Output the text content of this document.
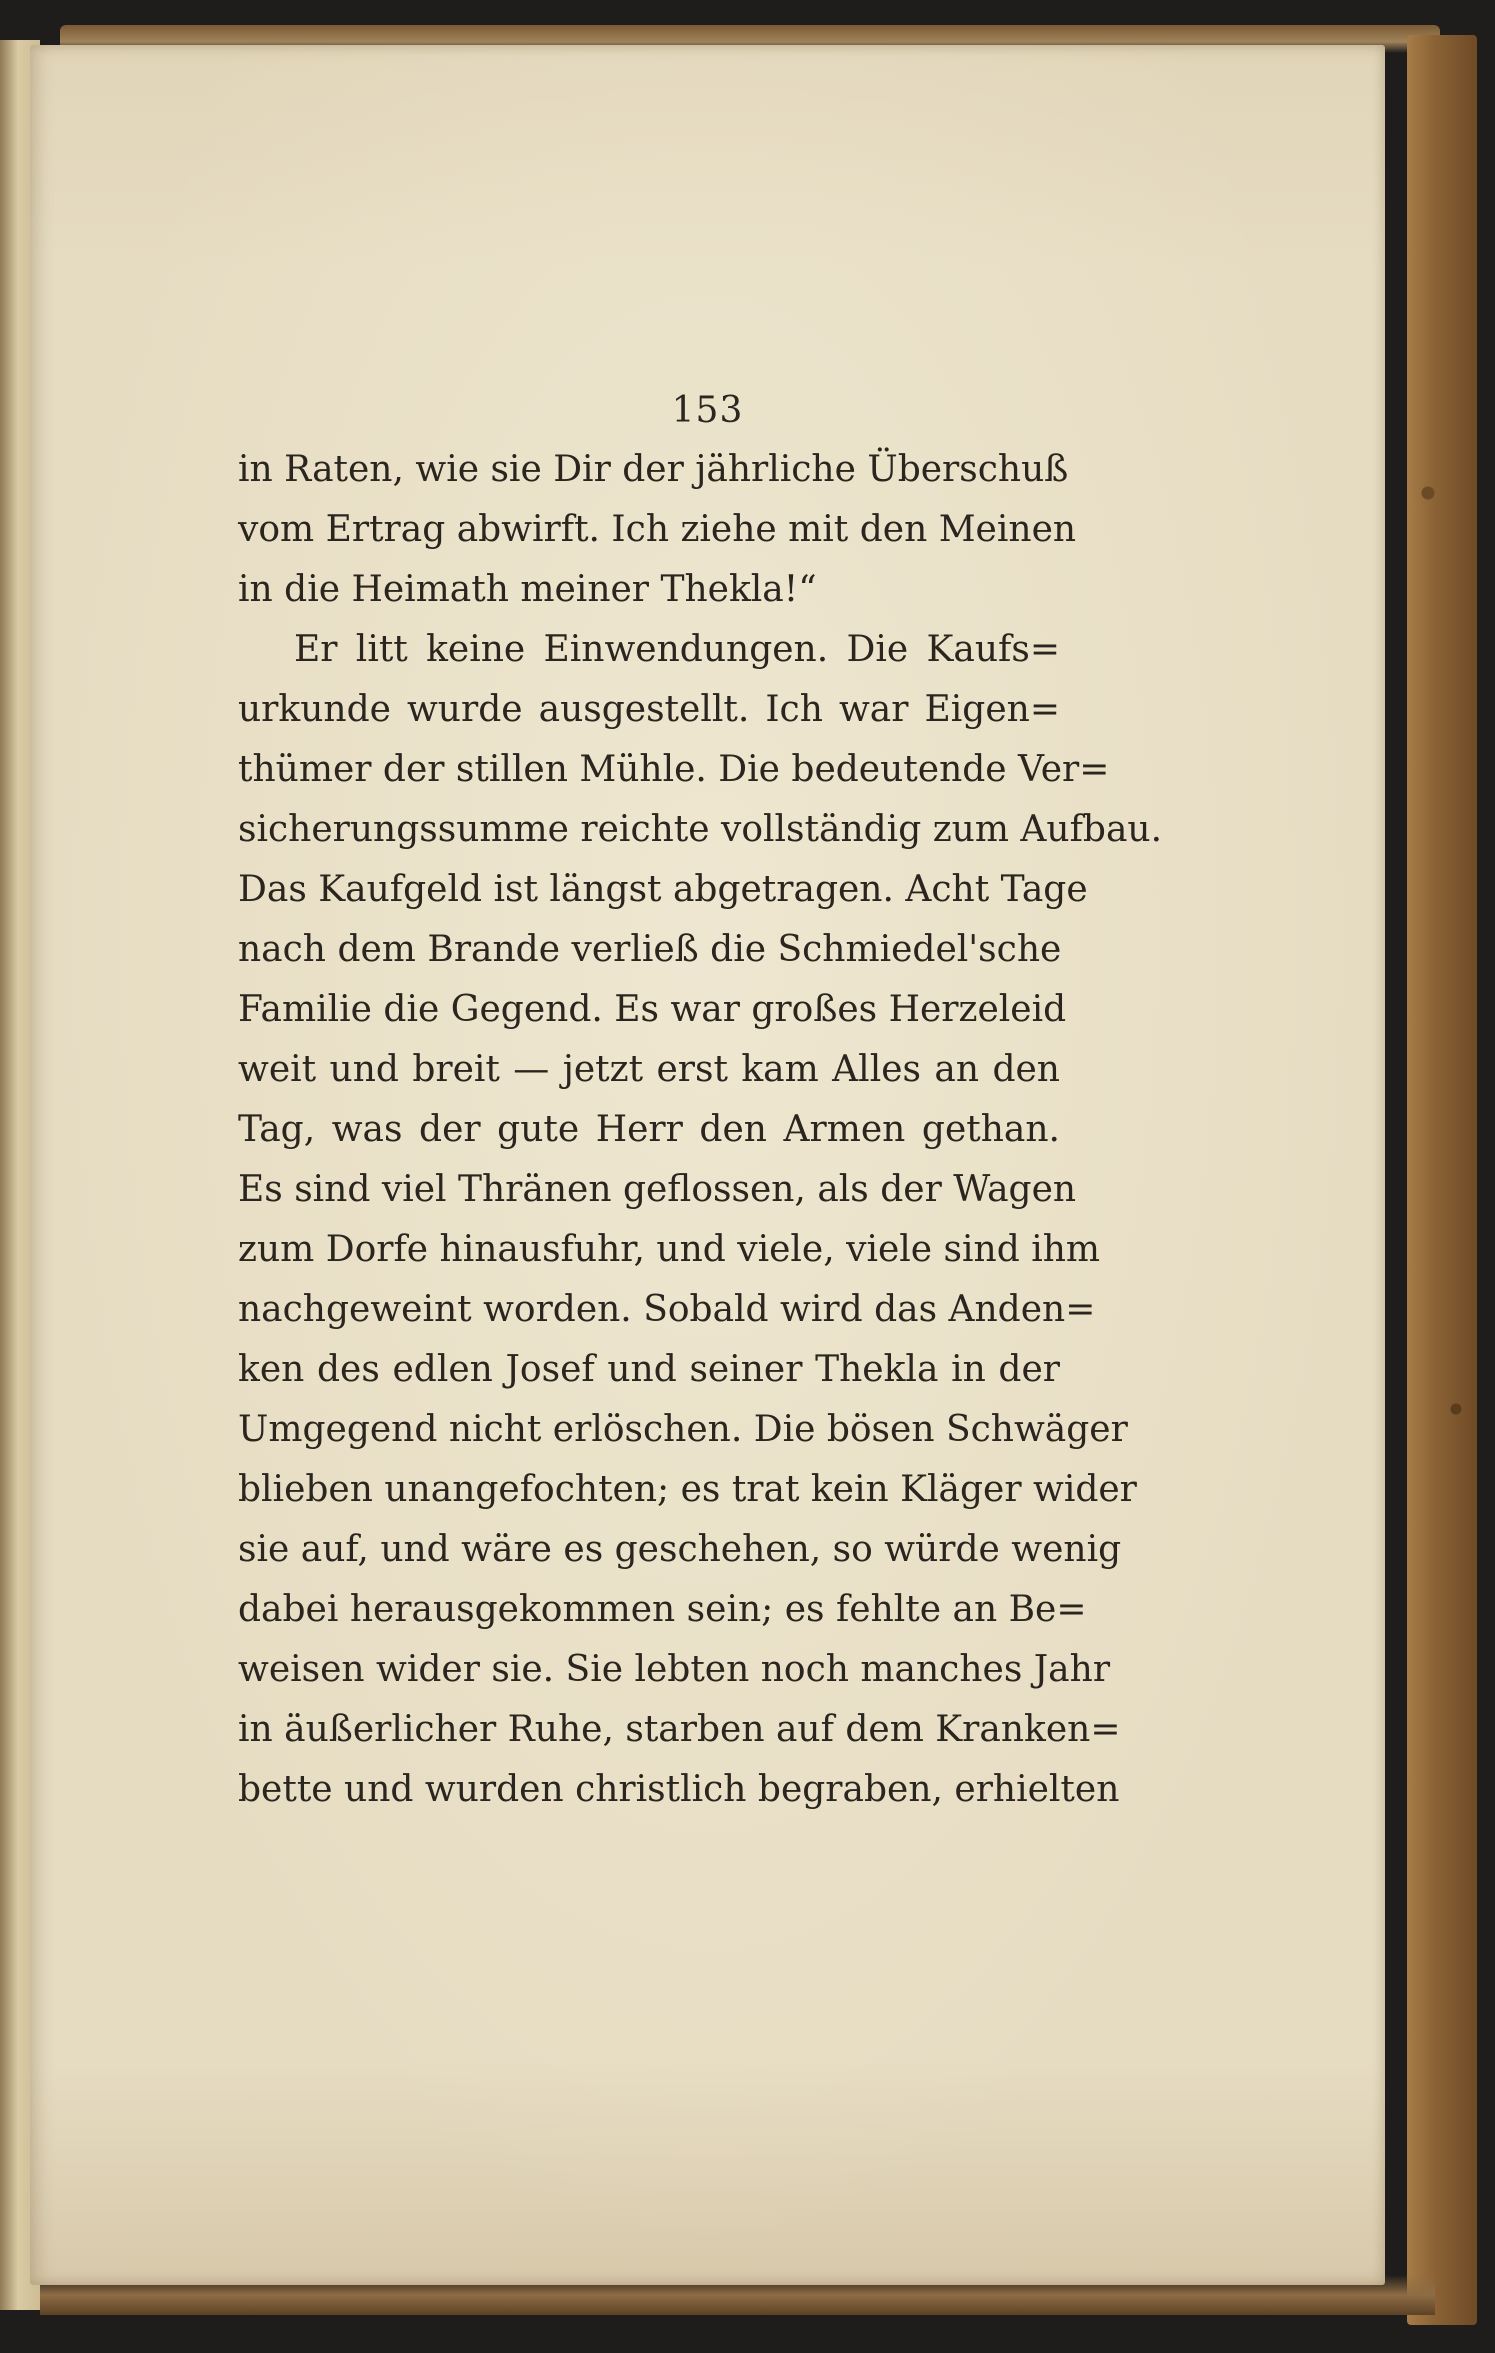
153
in Raten, wie sie Dir der jährliche Überschuß
vom Ertrag abwirft. Ich ziehe mit den Meinen
in die Heimath meiner Thekla!“
Er litt keine Einwendungen. Die Kaufs=
urkunde wurde ausgestellt. Ich war Eigen=
thümer der stillen Mühle. Die bedeutende Ver=
sicherungssumme reichte vollständig zum Aufbau.
Das Kaufgeld ist längst abgetragen. Acht Tage
nach dem Brande verließ die Schmiedel'sche
Familie die Gegend. Es war großes Herzeleid
weit und breit — jetzt erst kam Alles an den
Tag, was der gute Herr den Armen gethan.
Es sind viel Thränen geflossen, als der Wagen
zum Dorfe hinausfuhr, und viele, viele sind ihm
nachgeweint worden. Sobald wird das Anden=
ken des edlen Josef und seiner Thekla in der
Umgegend nicht erlöschen. Die bösen Schwäger
blieben unangefochten; es trat kein Kläger wider
sie auf, und wäre es geschehen, so würde wenig
dabei herausgekommen sein; es fehlte an Be=
weisen wider sie. Sie lebten noch manches Jahr
in äußerlicher Ruhe, starben auf dem Kranken=
bette und wurden christlich begraben, erhielten
